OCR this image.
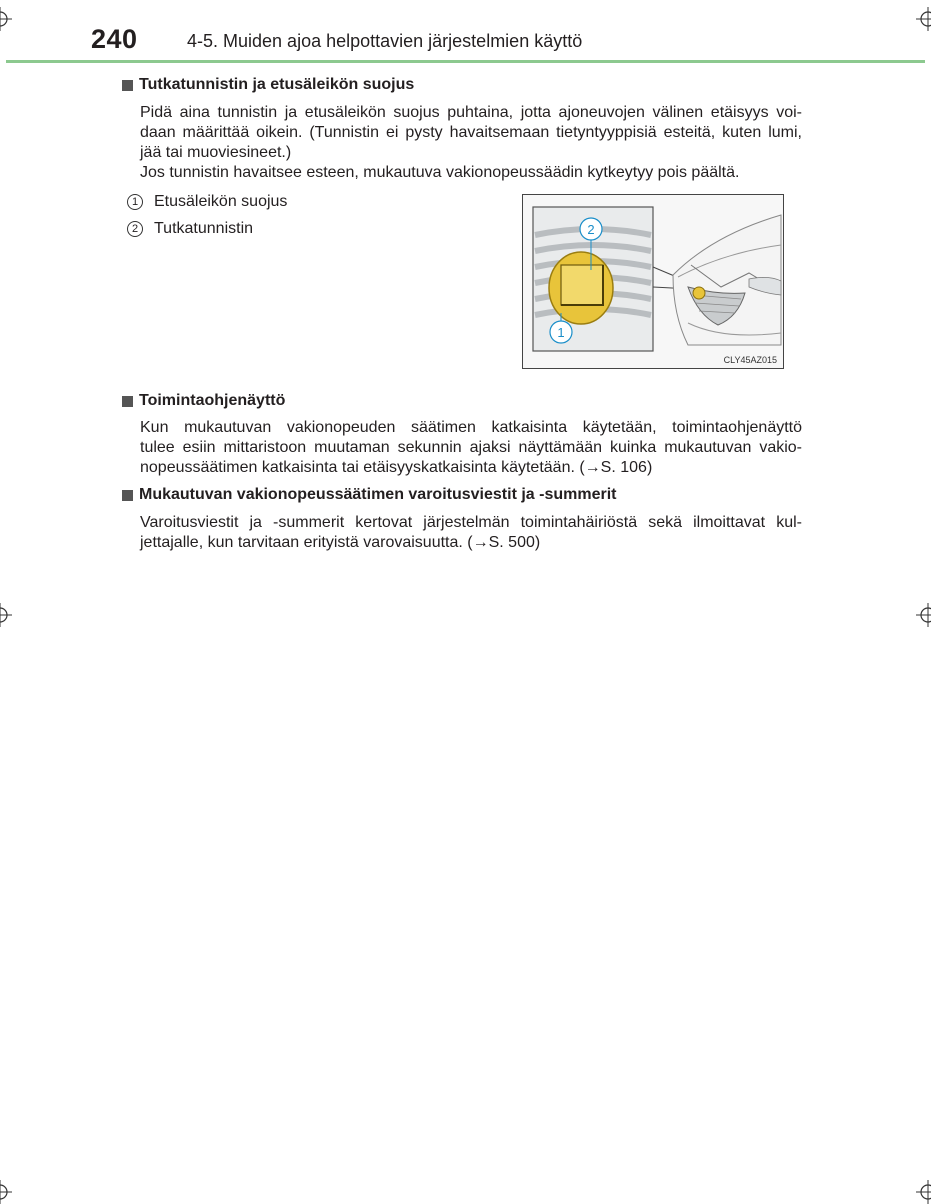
240	4-5. Muiden ajoa helpottavien järjestelmien käyttö
Tutkatunnistin ja etusäleikön suojus
Pidä aina tunnistin ja etusäleikön suojus puhtaina, jotta ajoneuvojen välinen etäisyys voi-
daan määrittää oikein. (Tunnistin ei pysty havaitsemaan tietyntyyppisiä esteitä, kuten lumi,
jää tai muoviesineet.)
Jos tunnistin havaitsee esteen, mukautuva vakionopeussäädin kytkeytyy pois päältä.
1 Etusäleikön suojus
2 Tutkatunnistin	2
1
CLY45AZ015
Toimintaohjenäyttö
Kun mukautuvan vakionopeuden säätimen katkaisinta käytetään, toimintaohjenäyttö
tulee esiin mittaristoon muutaman sekunnin ajaksi näyttämään kuinka mukautuvan vakio-
nopeussäätimen katkaisinta tai etäisyyskatkaisinta käytetään. (→S. 106)
Mukautuvan vakionopeussäätimen varoitusviestit ja -summerit
Varoitusviestit ja -summerit kertovat järjestelmän toimintahäiriöstä sekä ilmoittavat kul-
jettajalle, kun tarvitaan erityistä varovaisuutta. (→S. 500)
